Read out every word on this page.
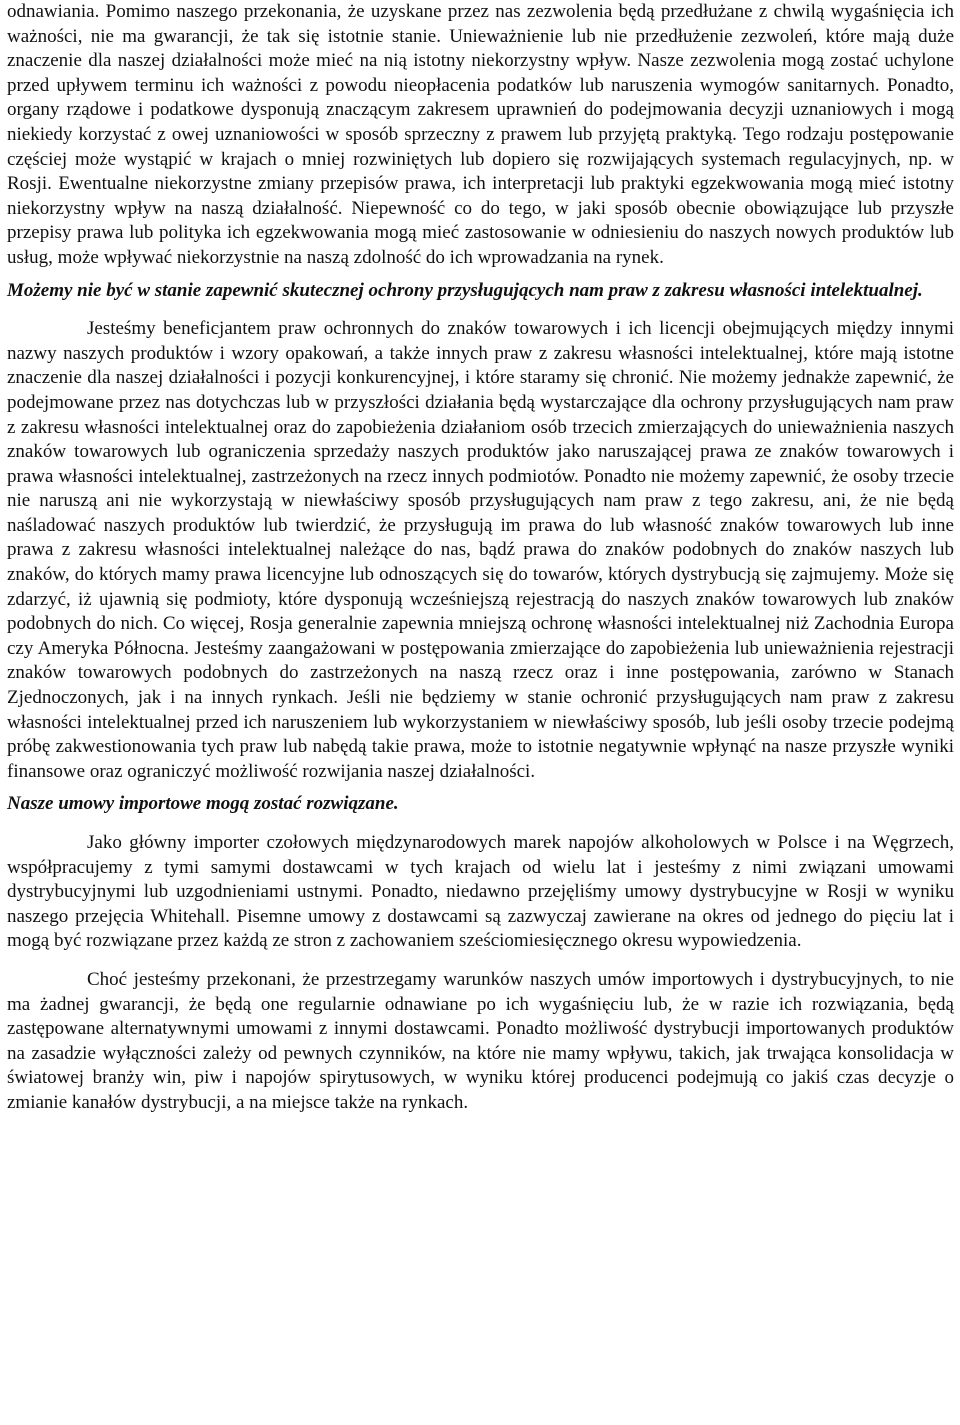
odnawiania. Pomimo naszego przekonania, że uzyskane przez nas zezwolenia będą przedłużane z chwilą wygaśnięcia ich ważności, nie ma gwarancji, że tak się istotnie stanie. Unieważnienie lub nie przedłużenie zezwoleń, które mają duże znaczenie dla naszej działalności może mieć na nią istotny niekorzystny wpływ. Nasze zezwolenia mogą zostać uchylone przed upływem terminu ich ważności z powodu nieopłacenia podatków lub naruszenia wymogów sanitarnych. Ponadto, organy rządowe i podatkowe dysponują znaczącym zakresem uprawnień do podejmowania decyzji uznaniowych i mogą niekiedy korzystać z owej uznaniowości w sposób sprzeczny z prawem lub przyjętą praktyką. Tego rodzaju postępowanie częściej może wystąpić w krajach o mniej rozwiniętych lub dopiero się rozwijających systemach regulacyjnych, np. w Rosji. Ewentualne niekorzystne zmiany przepisów prawa, ich interpretacji lub praktyki egzekwowania mogą mieć istotny niekorzystny wpływ na naszą działalność. Niepewność co do tego, w jaki sposób obecnie obowiązujące lub przyszłe przepisy prawa lub polityka ich egzekwowania mogą mieć zastosowanie w odniesieniu do naszych nowych produktów lub usług, może wpływać niekorzystnie na naszą zdolność do ich wprowadzania na rynek.

Możemy nie być w stanie zapewnić skutecznej ochrony przysługujących nam praw z zakresu własności intelektualnej.

Jesteśmy beneficjantem praw ochronnych do znaków towarowych i ich licencji obejmujących między innymi nazwy naszych produktów i wzory opakowań, a także innych praw z zakresu własności intelektualnej, które mają istotne znaczenie dla naszej działalności i pozycji konkurencyjnej, i które staramy się chronić. Nie możemy jednakże zapewnić, że podejmowane przez nas dotychczas lub w przyszłości działania będą wystarczające dla ochrony przysługujących nam praw z zakresu własności intelektualnej oraz do zapobieżenia działaniom osób trzecich zmierzających do unieważnienia naszych znaków towarowych lub ograniczenia sprzedaży naszych produktów jako naruszającej prawa ze znaków towarowych i prawa własności intelektualnej, zastrzeżonych na rzecz innych podmiotów. Ponadto nie możemy zapewnić, że osoby trzecie nie naruszą ani nie wykorzystają w niewłaściwy sposób przysługujących nam praw z tego zakresu, ani, że nie będą naśladować naszych produktów lub twierdzić, że przysługują im prawa do lub własność znaków towarowych lub inne prawa z zakresu własności intelektualnej należące do nas, bądź prawa do znaków podobnych do znaków naszych lub znaków, do których mamy prawa licencyjne lub odnoszących się do towarów, których dystrybucją się zajmujemy. Może się zdarzyć, iż ujawnią się podmioty, które dysponują wcześniejszą rejestracją do naszych znaków towarowych lub znaków podobnych do nich. Co więcej, Rosja generalnie zapewnia mniejszą ochronę własności intelektualnej niż Zachodnia Europa czy Ameryka Północna. Jesteśmy zaangażowani w postępowania zmierzające do zapobieżenia lub unieważnienia rejestracji znaków towarowych podobnych do zastrzeżonych na naszą rzecz oraz i inne postępowania, zarówno w Stanach Zjednoczonych, jak i na innych rynkach. Jeśli nie będziemy w stanie ochronić przysługujących nam praw z zakresu własności intelektualnej przed ich naruszeniem lub wykorzystaniem w niewłaściwy sposób, lub jeśli osoby trzecie podejmą próbę zakwestionowania tych praw lub nabędą takie prawa, może to istotnie negatywnie wpłynąć na nasze przyszłe wyniki finansowe oraz ograniczyć możliwość rozwijania naszej działalności.

Nasze umowy importowe mogą zostać rozwiązane.

Jako główny importer czołowych międzynarodowych marek napojów alkoholowych w Polsce i na Węgrzech, współpracujemy z tymi samymi dostawcami w tych krajach od wielu lat i jesteśmy z nimi związani umowami dystrybucyjnymi lub uzgodnieniami ustnymi. Ponadto, niedawno przejęliśmy umowy dystrybucyjne w Rosji w wyniku naszego przejęcia Whitehall. Pisemne umowy z dostawcami są zazwyczaj zawierane na okres od jednego do pięciu lat i mogą być rozwiązane przez każdą ze stron z zachowaniem sześciomiesięcznego okresu wypowiedzenia.

Choć jesteśmy przekonani, że przestrzegamy warunków naszych umów importowych i dystrybucyjnych, to nie ma żadnej gwarancji, że będą one regularnie odnawiane po ich wygaśnięciu lub, że w razie ich rozwiązania, będą zastępowane alternatywnymi umowami z innymi dostawcami. Ponadto możliwość dystrybucji importowanych produktów na zasadzie wyłączności zależy od pewnych czynników, na które nie mamy wpływu, takich, jak trwająca konsolidacja w światowej branży win, piw i napojów spirytusowych, w wyniku której producenci podejmują co jakiś czas decyzje o zmianie kanałów dystrybucji, a na miejsce także na rynkach.
